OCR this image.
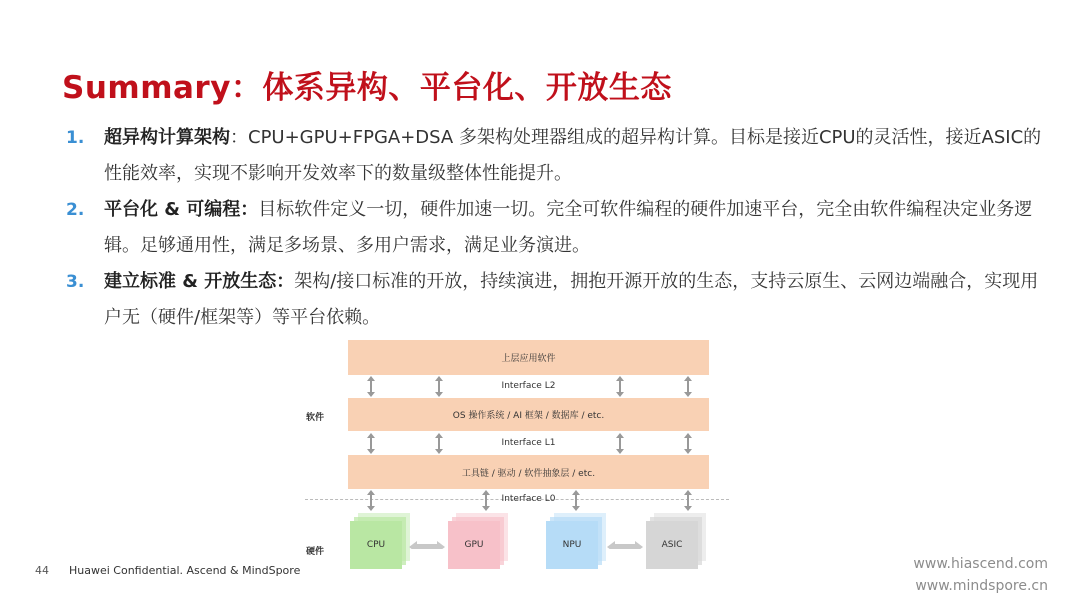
Summary：体系异构、平台化、开放生态
1. 超异构计算架构：CPU+GPU+FPGA+DSA 多架构处理器组成的超异构计算。目标是接近CPU的灵活性，接近ASIC的性能效率，实现不影响开发效率下的数量级整体性能提升。
2. 平台化 & 可编程：目标软件定义一切，硬件加速一切。完全可软件编程的硬件加速平台，完全由软件编程决定业务逻辑。足够通用性，满足多场景、多用户需求，满足业务演进。
3. 建立标准 & 开放生态：架构/接口标准的开放，持续演进，拥抱开源开放的生态，支持云原生、云网边端融合，实现用户无（硬件/框架等）等平台依赖。
上层应用软件
Interface L2
OS 操作系统 / AI 框架 / 数据库 / etc.
Interface L1
工具链 / 驱动 / 软件抽象层 / etc.
Interface L0
软件
硬件
CPU	GPU	NPU	ASIC
44 Huawei Confidential. Ascend & MindSpore	www.hiascend.com
www.mindspore.cn
